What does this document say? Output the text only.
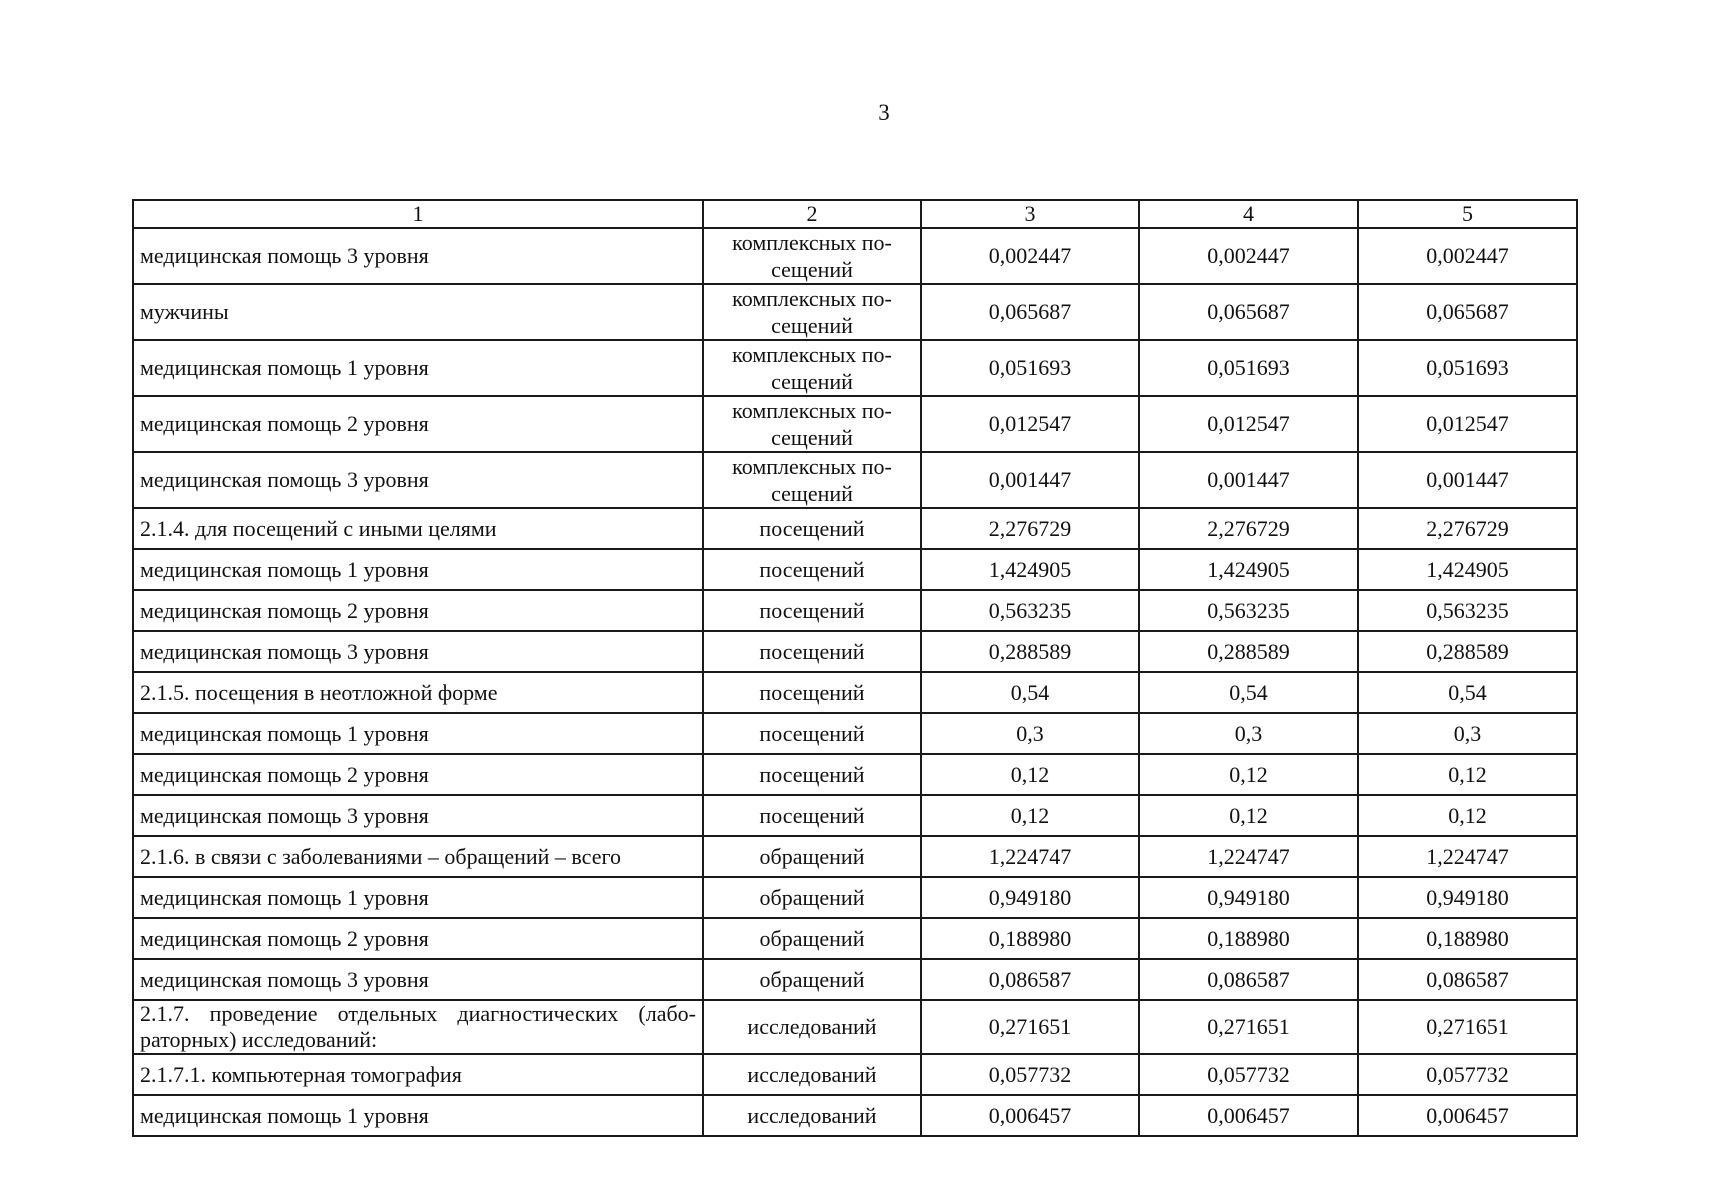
3
1	2	3	4	5
медицинская помощь 3 уровня	комплексных по-сещений	0,002447	0,002447	0,002447
мужчины	комплексных по-сещений	0,065687	0,065687	0,065687
медицинская помощь 1 уровня	комплексных по-сещений	0,051693	0,051693	0,051693
медицинская помощь 2 уровня	комплексных по-сещений	0,012547	0,012547	0,012547
медицинская помощь 3 уровня	комплексных по-сещений	0,001447	0,001447	0,001447
2.1.4. для посещений с иными целями	посещений	2,276729	2,276729	2,276729
медицинская помощь 1 уровня	посещений	1,424905	1,424905	1,424905
медицинская помощь 2 уровня	посещений	0,563235	0,563235	0,563235
медицинская помощь 3 уровня	посещений	0,288589	0,288589	0,288589
2.1.5. посещения в неотложной форме	посещений	0,54	0,54	0,54
медицинская помощь 1 уровня	посещений	0,3	0,3	0,3
медицинская помощь 2 уровня	посещений	0,12	0,12	0,12
медицинская помощь 3 уровня	посещений	0,12	0,12	0,12
2.1.6. в связи с заболеваниями – обращений – всего	обращений	1,224747	1,224747	1,224747
медицинская помощь 1 уровня	обращений	0,949180	0,949180	0,949180
медицинская помощь 2 уровня	обращений	0,188980	0,188980	0,188980
медицинская помощь 3 уровня	обращений	0,086587	0,086587	0,086587
2.1.7. проведение отдельных диагностических (лабо-раторных) исследований:	исследований	0,271651	0,271651	0,271651
2.1.7.1. компьютерная томография	исследований	0,057732	0,057732	0,057732
медицинская помощь 1 уровня	исследований	0,006457	0,006457	0,006457
